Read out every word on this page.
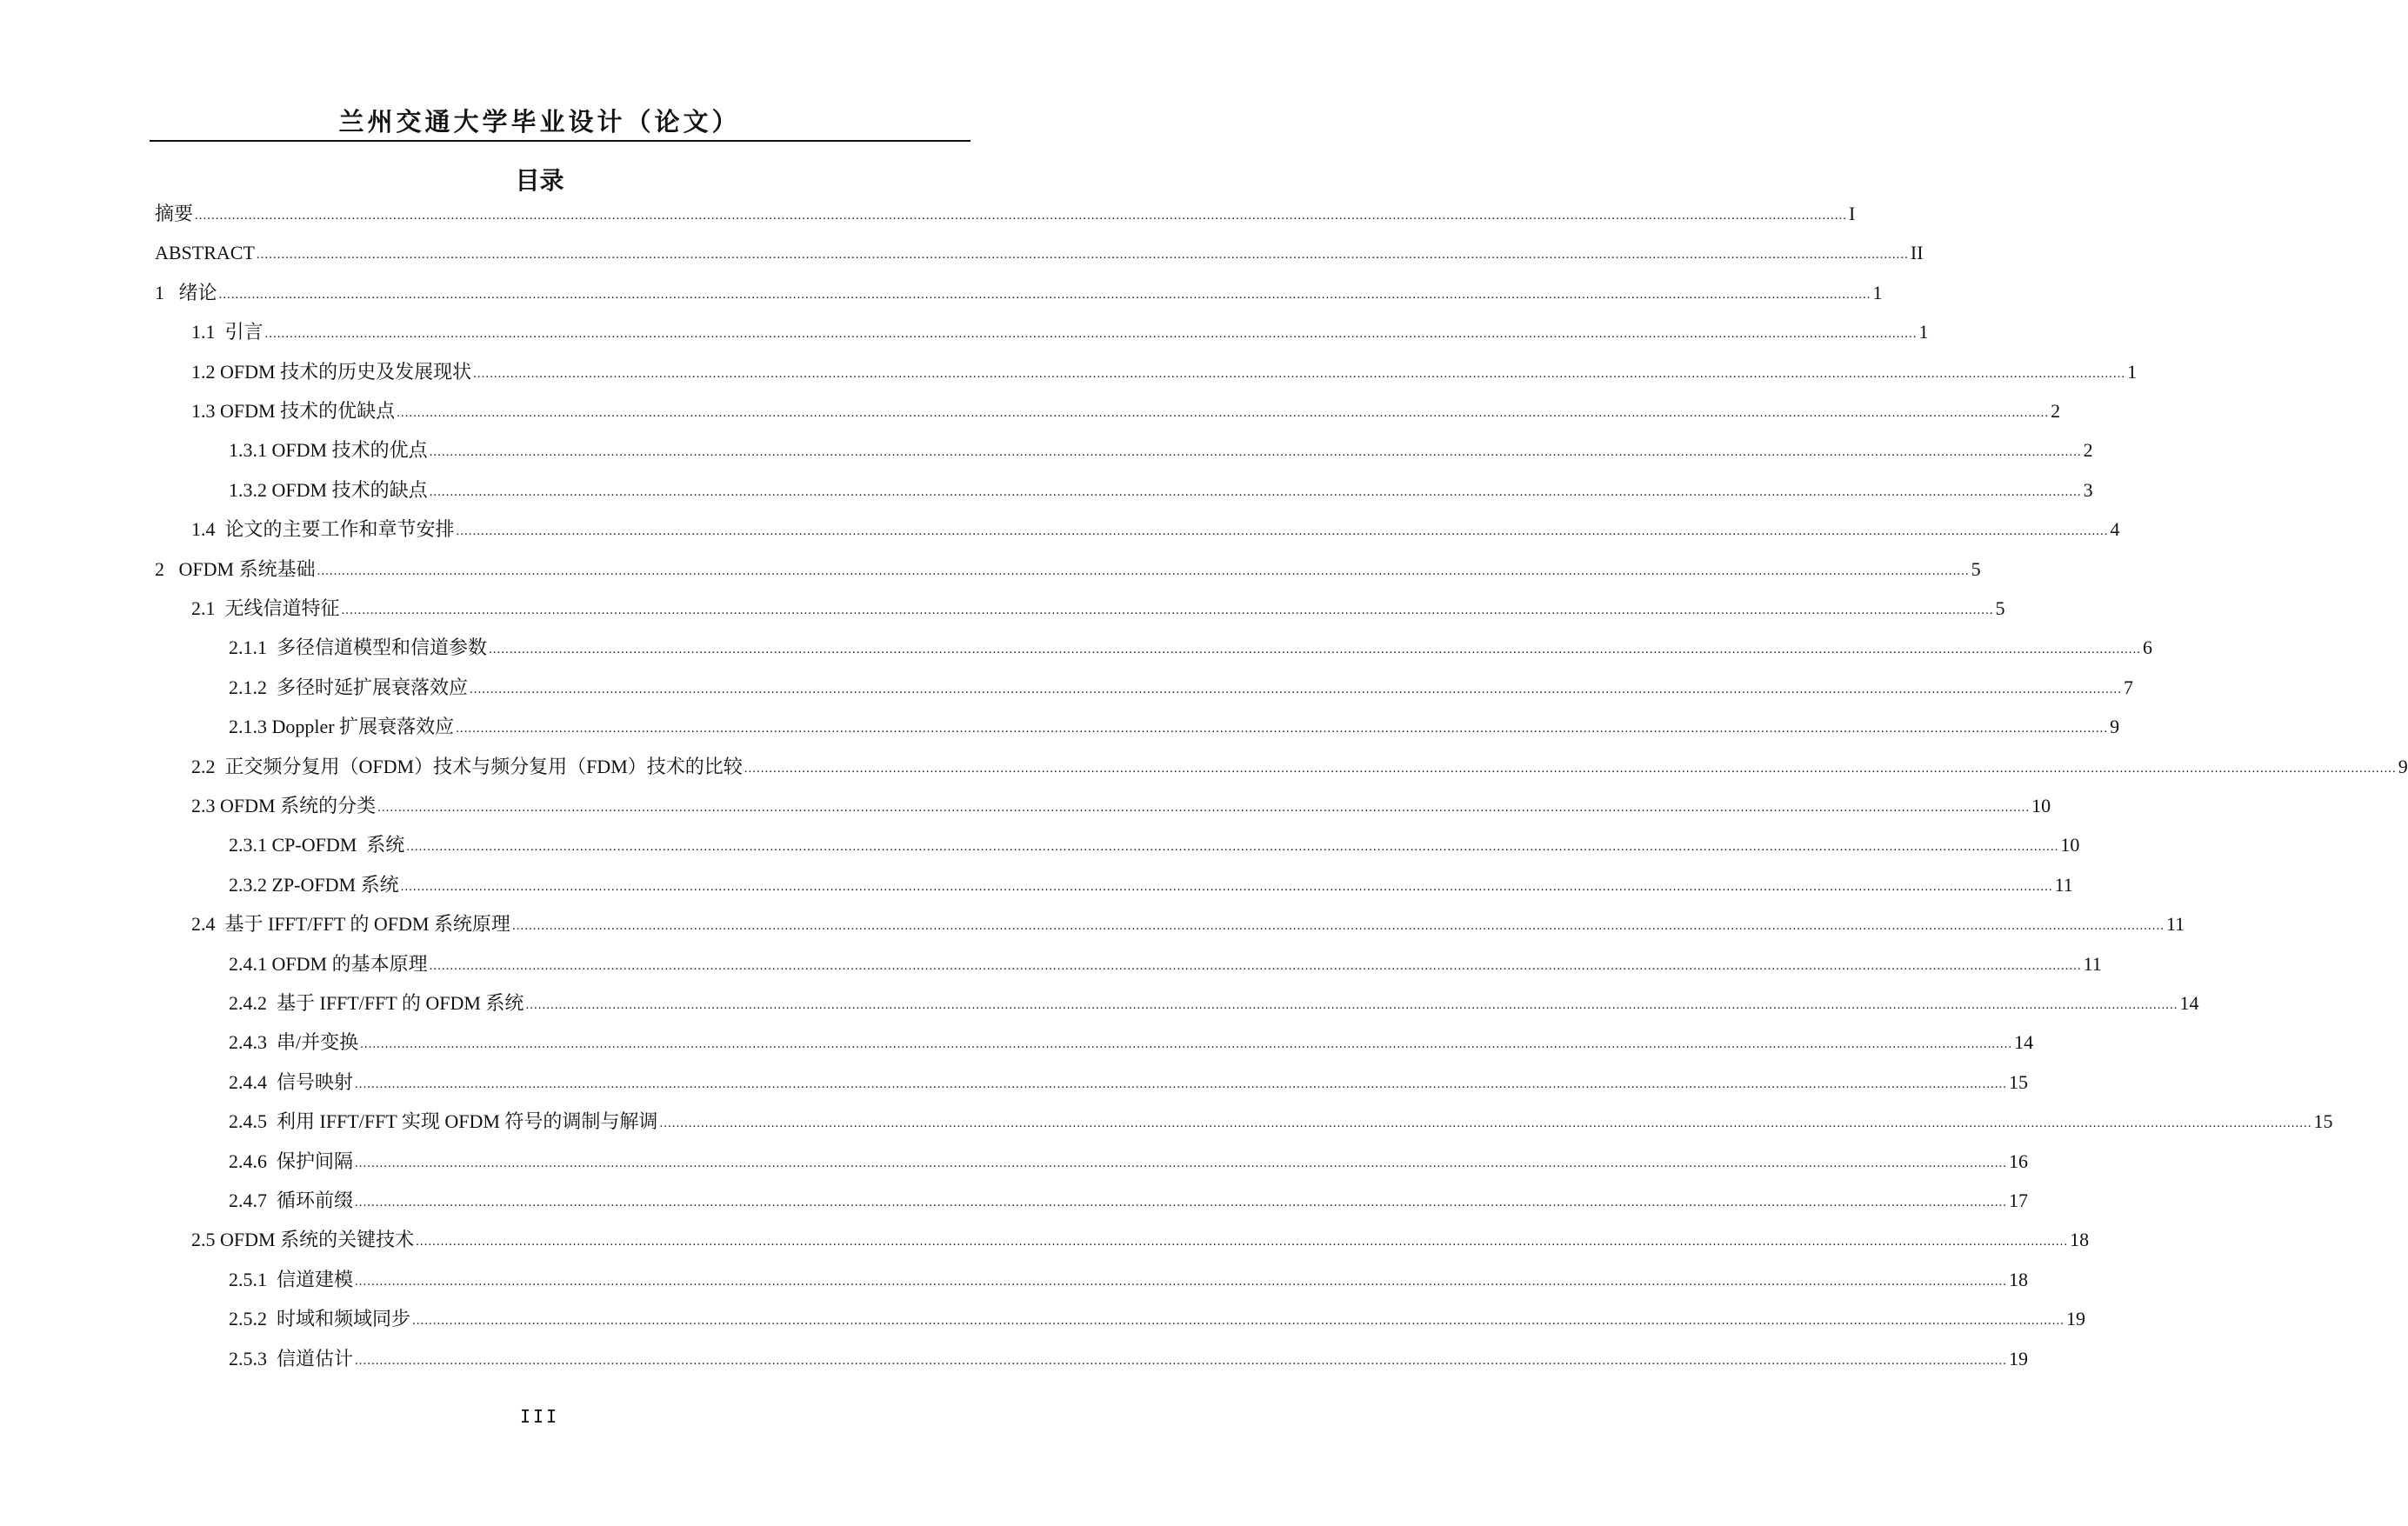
兰州交通大学毕业设计（论文）
目录
摘要 ................................................................................................................................................................................................................................................................................................................................................................................................................ I
ABSTRACT ................................................................................................................................................................................................................................................................................................................................................................................................................ II
1   绪论 ................................................................................................................................................................................................................................................................................................................................................................................................................ 1
1.1  引言 ................................................................................................................................................................................................................................................................................................................................................................................................................ 1
1.2 OFDM 技术的历史及发展现状 ................................................................................................................................................................................................................................................................................................................................................................................................................ 1
1.3 OFDM 技术的优缺点 ................................................................................................................................................................................................................................................................................................................................................................................................................ 2
1.3.1 OFDM 技术的优点 ................................................................................................................................................................................................................................................................................................................................................................................................................ 2
1.3.2 OFDM 技术的缺点 ................................................................................................................................................................................................................................................................................................................................................................................................................ 3
1.4  论文的主要工作和章节安排 ................................................................................................................................................................................................................................................................................................................................................................................................................ 4
2   OFDM 系统基础 ................................................................................................................................................................................................................................................................................................................................................................................................................ 5
2.1  无线信道特征 ................................................................................................................................................................................................................................................................................................................................................................................................................ 5
2.1.1  多径信道模型和信道参数 ................................................................................................................................................................................................................................................................................................................................................................................................................ 6
2.1.2  多径时延扩展衰落效应 ................................................................................................................................................................................................................................................................................................................................................................................................................ 7
2.1.3 Doppler 扩展衰落效应 ................................................................................................................................................................................................................................................................................................................................................................................................................ 9
2.2  正交频分复用（OFDM）技术与频分复用（FDM）技术的比较 ................................................................................................................................................................................................................................................................................................................................................................................................................ 9
2.3 OFDM 系统的分类 ................................................................................................................................................................................................................................................................................................................................................................................................................ 10
2.3.1 CP-OFDM  系统 ................................................................................................................................................................................................................................................................................................................................................................................................................ 10
2.3.2 ZP-OFDM 系统 ................................................................................................................................................................................................................................................................................................................................................................................................................ 11
2.4  基于 IFFT/FFT 的 OFDM 系统原理 ................................................................................................................................................................................................................................................................................................................................................................................................................ 11
2.4.1 OFDM 的基本原理 ................................................................................................................................................................................................................................................................................................................................................................................................................ 11
2.4.2  基于 IFFT/FFT 的 OFDM 系统 ................................................................................................................................................................................................................................................................................................................................................................................................................ 14
2.4.3  串/并变换 ................................................................................................................................................................................................................................................................................................................................................................................................................ 14
2.4.4  信号映射 ................................................................................................................................................................................................................................................................................................................................................................................................................ 15
2.4.5  利用 IFFT/FFT 实现 OFDM 符号的调制与解调 ................................................................................................................................................................................................................................................................................................................................................................................................................ 15
2.4.6  保护间隔 ................................................................................................................................................................................................................................................................................................................................................................................................................ 16
2.4.7  循环前缀 ................................................................................................................................................................................................................................................................................................................................................................................................................ 17
2.5 OFDM 系统的关键技术 ................................................................................................................................................................................................................................................................................................................................................................................................................ 18
2.5.1  信道建模 ................................................................................................................................................................................................................................................................................................................................................................................................................ 18
2.5.2  时域和频域同步 ................................................................................................................................................................................................................................................................................................................................................................................................................ 19
2.5.3  信道估计 ................................................................................................................................................................................................................................................................................................................................................................................................................ 19
III
